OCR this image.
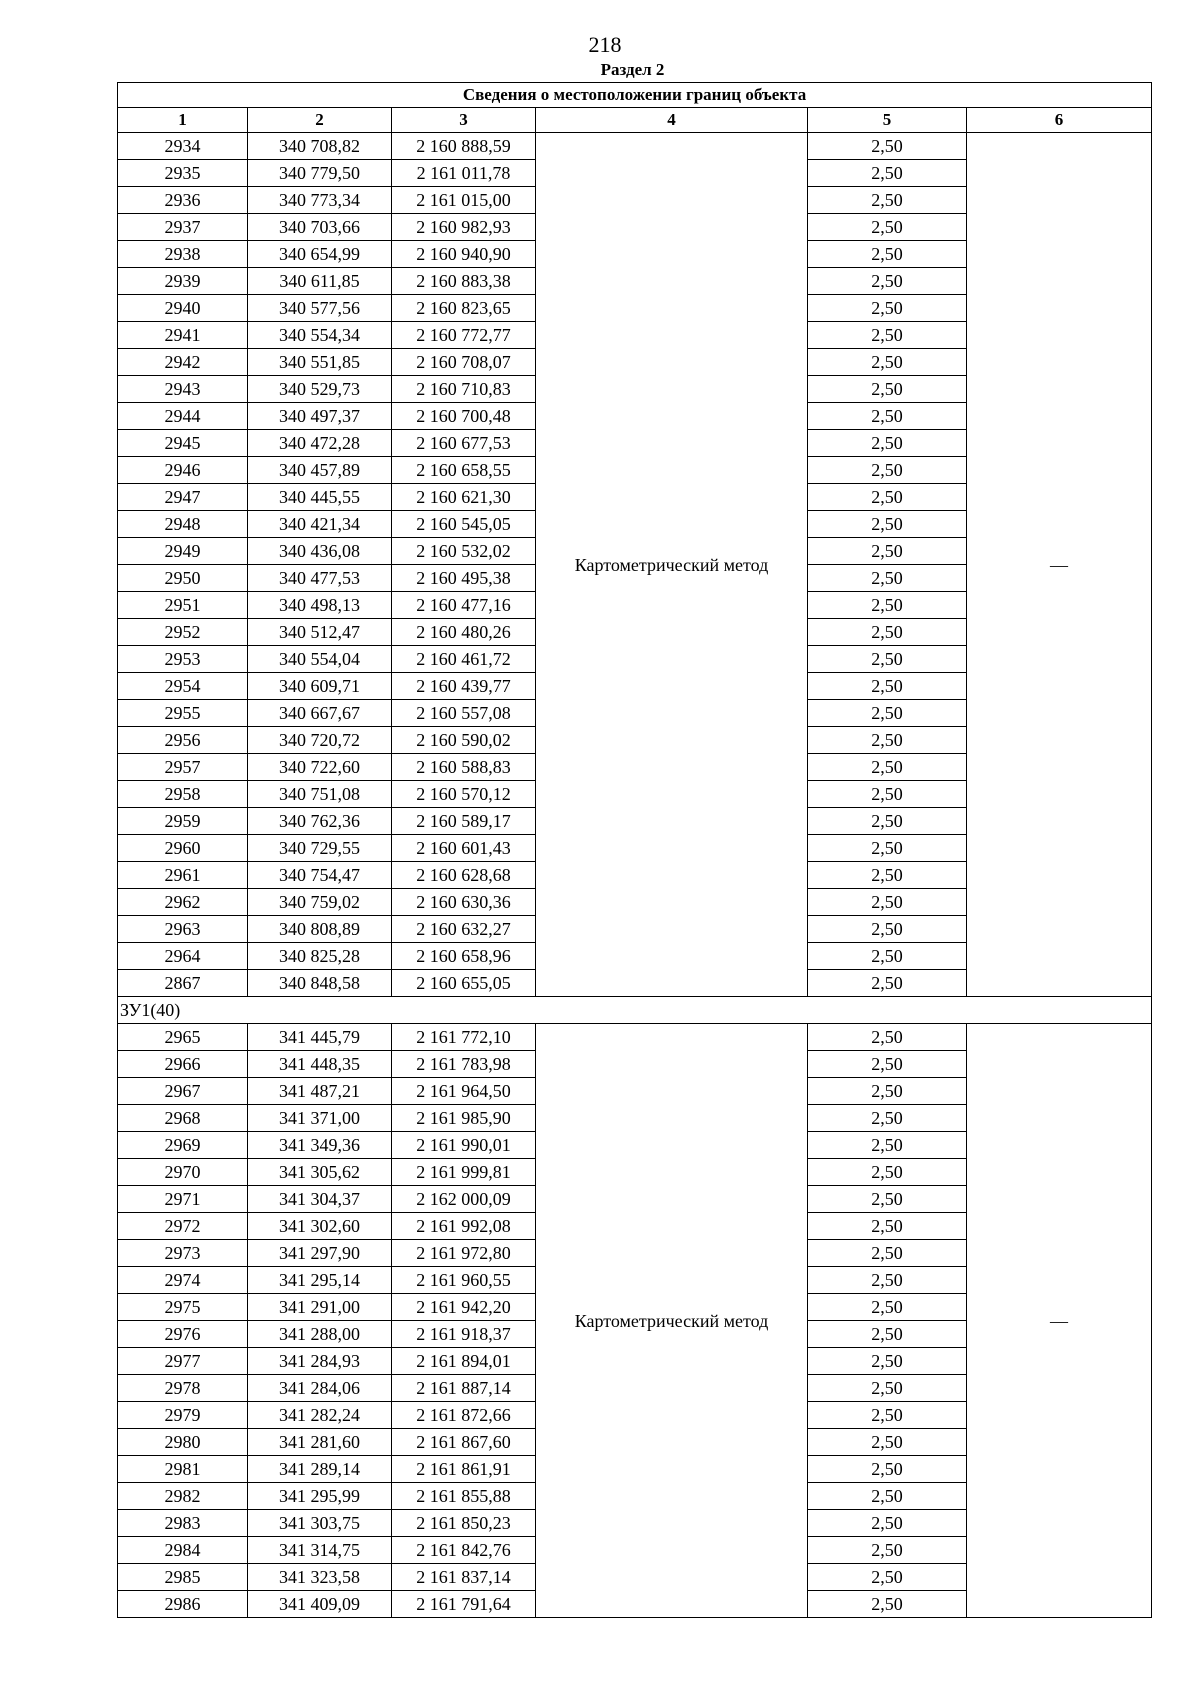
218
Раздел 2
Сведения о местоположении границ объекта					
1	2	3	4	5	6
2934	340 708,82	2 160 888,59	Картометрический метод	2,50	—
2935	340 779,50	2 161 011,78		2,50	
2936	340 773,34	2 161 015,00		2,50	
2937	340 703,66	2 160 982,93		2,50	
2938	340 654,99	2 160 940,90		2,50	
2939	340 611,85	2 160 883,38		2,50	
2940	340 577,56	2 160 823,65		2,50	
2941	340 554,34	2 160 772,77		2,50	
2942	340 551,85	2 160 708,07		2,50	
2943	340 529,73	2 160 710,83		2,50	
2944	340 497,37	2 160 700,48		2,50	
2945	340 472,28	2 160 677,53		2,50	
2946	340 457,89	2 160 658,55		2,50	
2947	340 445,55	2 160 621,30		2,50	
2948	340 421,34	2 160 545,05		2,50	
2949	340 436,08	2 160 532,02		2,50	
2950	340 477,53	2 160 495,38		2,50	
2951	340 498,13	2 160 477,16		2,50	
2952	340 512,47	2 160 480,26		2,50	
2953	340 554,04	2 160 461,72		2,50	
2954	340 609,71	2 160 439,77		2,50	
2955	340 667,67	2 160 557,08		2,50	
2956	340 720,72	2 160 590,02		2,50	
2957	340 722,60	2 160 588,83		2,50	
2958	340 751,08	2 160 570,12		2,50	
2959	340 762,36	2 160 589,17		2,50	
2960	340 729,55	2 160 601,43		2,50	
2961	340 754,47	2 160 628,68		2,50	
2962	340 759,02	2 160 630,36		2,50	
2963	340 808,89	2 160 632,27		2,50	
2964	340 825,28	2 160 658,96		2,50	
2867	340 848,58	2 160 655,05		2,50	
ЗУ1(40)					
2965	341 445,79	2 161 772,10	Картометрический метод	2,50	—
2966	341 448,35	2 161 783,98		2,50	
2967	341 487,21	2 161 964,50		2,50	
2968	341 371,00	2 161 985,90		2,50	
2969	341 349,36	2 161 990,01		2,50	
2970	341 305,62	2 161 999,81		2,50	
2971	341 304,37	2 162 000,09		2,50	
2972	341 302,60	2 161 992,08		2,50	
2973	341 297,90	2 161 972,80		2,50	
2974	341 295,14	2 161 960,55		2,50	
2975	341 291,00	2 161 942,20		2,50	
2976	341 288,00	2 161 918,37		2,50	
2977	341 284,93	2 161 894,01		2,50	
2978	341 284,06	2 161 887,14		2,50	
2979	341 282,24	2 161 872,66		2,50	
2980	341 281,60	2 161 867,60		2,50	
2981	341 289,14	2 161 861,91		2,50	
2982	341 295,99	2 161 855,88		2,50	
2983	341 303,75	2 161 850,23		2,50	
2984	341 314,75	2 161 842,76		2,50	
2985	341 323,58	2 161 837,14		2,50	
2986	341 409,09	2 161 791,64		2,50	
